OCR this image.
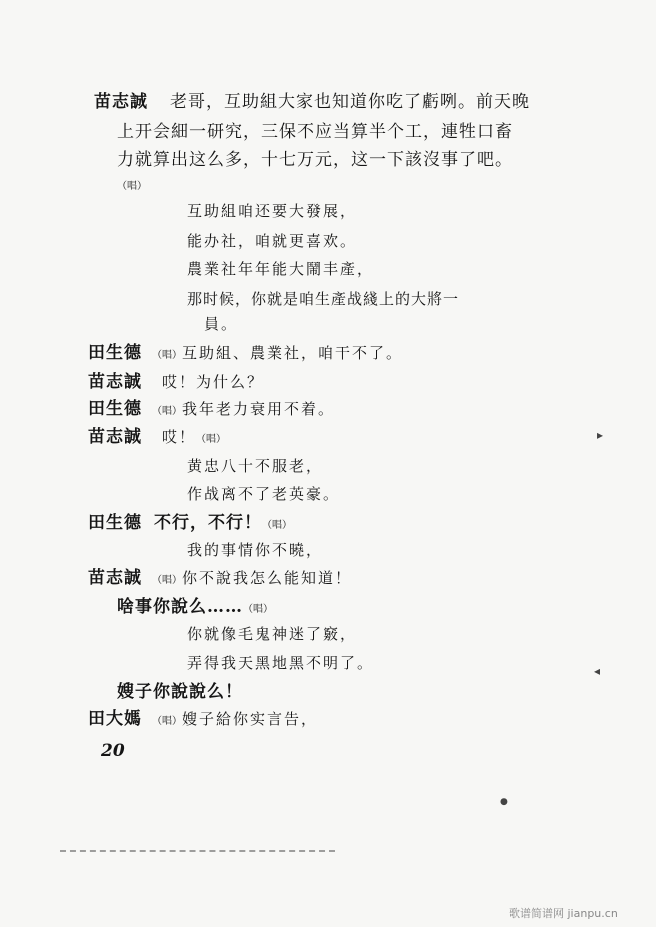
苗志誠 老哥，互助組大家也知道你吃了虧咧。前天晚
上开会細一研究，三保不应当算半个工，連牲口畜
力就算出这么多，十七万元，这一下該沒事了吧。
（唱）
互助組咱还要大發展，
能办社，咱就更喜欢。
農業社年年能大鬧丰產，
那时候，你就是咱生產战綫上的大將一
員。
田生德 （唱）互助組、農業社，咱干不了。
苗志誠 哎！为什么？
田生德 （唱）我年老力衰用不着。
苗志誠 哎！（唱）
黄忠八十不服老，
作战离不了老英豪。
田生德 不行，不行！（唱）
我的事情你不曉，
苗志誠 （唱）你不說我怎么能知道！
啥事你說么……（唱）
你就像毛鬼神迷了竅，
弄得我天黑地黑不明了。
嫂子你說說么！
田大媽 （唱）嫂子給你实言告，
20
▸
◂
●
歌谱简谱网 jianpu.cn
